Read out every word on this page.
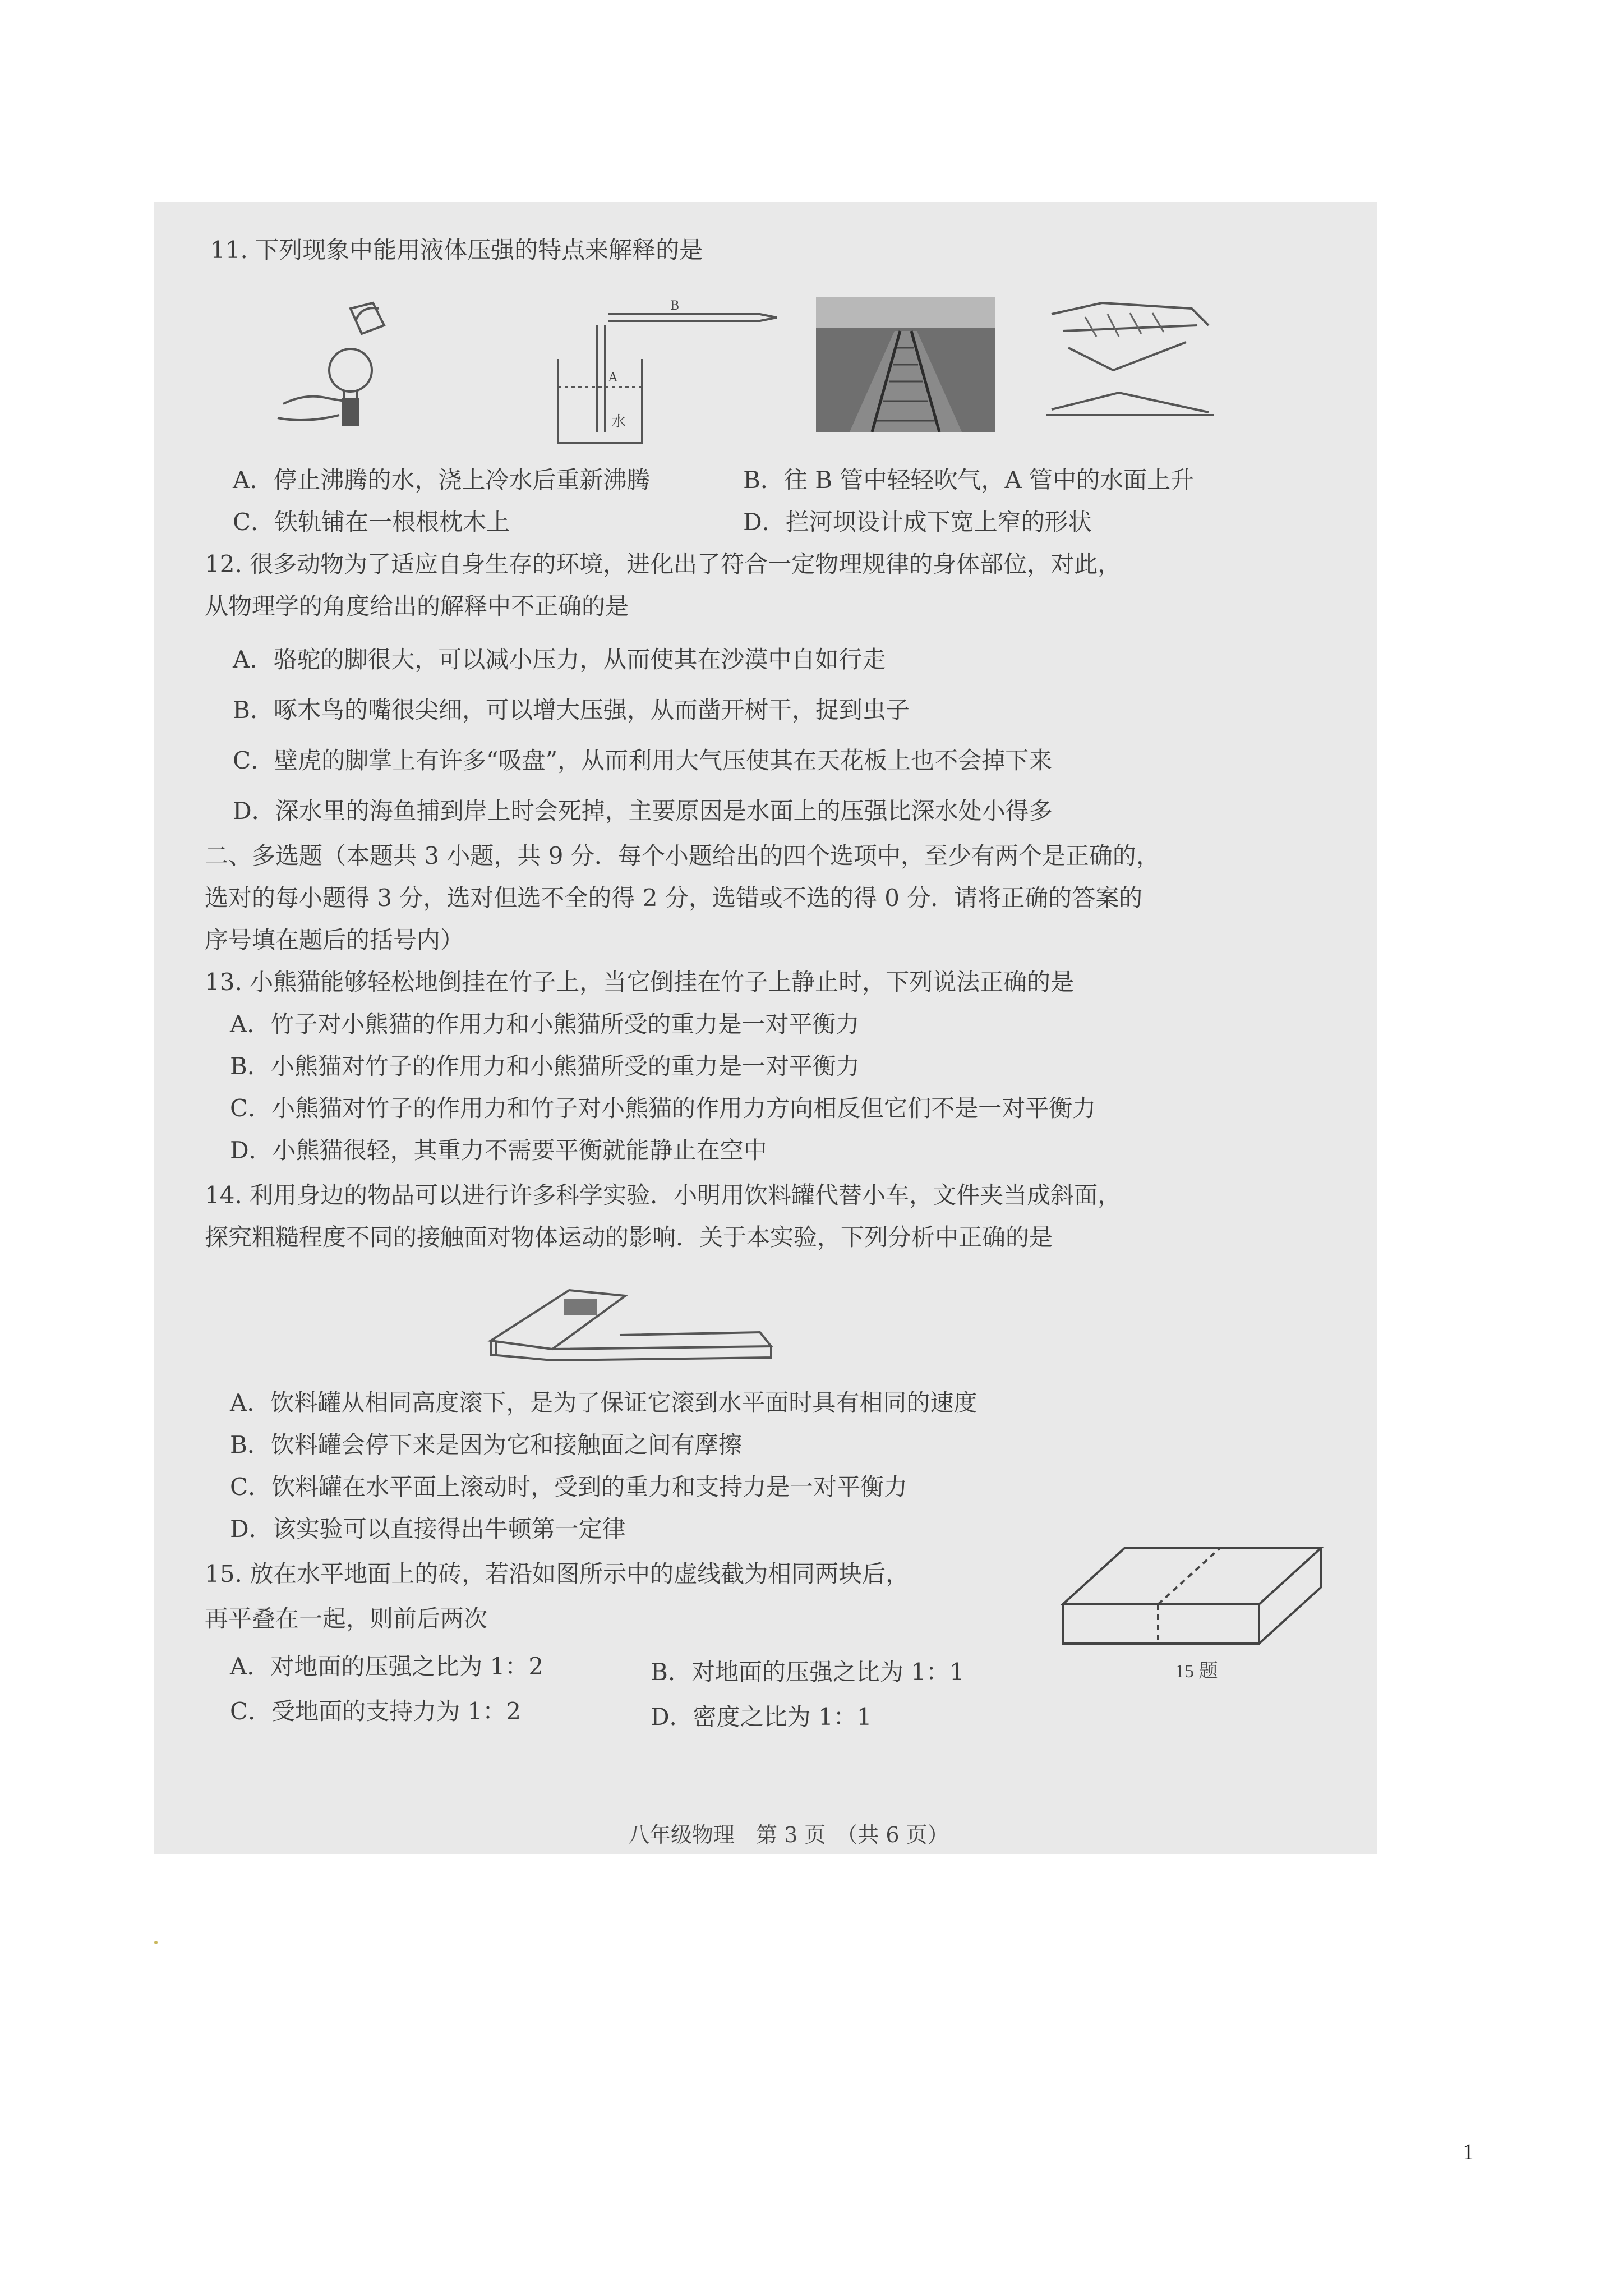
11. 下列现象中能用液体压强的特点来解释的是
B
A
水
A．停止沸腾的水，浇上冷水后重新沸腾	B．往 B 管中轻轻吹气，A 管中的水面上升
C．铁轨铺在一根根枕木上	D．拦河坝设计成下宽上窄的形状
12. 很多动物为了适应自身生存的环境，进化出了符合一定物理规律的身体部位，对此，
从物理学的角度给出的解释中不正确的是
A．骆驼的脚很大，可以减小压力，从而使其在沙漠中自如行走
B．啄木鸟的嘴很尖细，可以增大压强，从而凿开树干，捉到虫子
C．壁虎的脚掌上有许多“吸盘”，从而利用大气压使其在天花板上也不会掉下来
D．深水里的海鱼捕到岸上时会死掉，主要原因是水面上的压强比深水处小得多
二、多选题（本题共 3 小题，共 9 分．每个小题给出的四个选项中，至少有两个是正确的，
选对的每小题得 3 分，选对但选不全的得 2 分，选错或不选的得 0 分．请将正确的答案的
序号填在题后的括号内）
13. 小熊猫能够轻松地倒挂在竹子上，当它倒挂在竹子上静止时，下列说法正确的是
A．竹子对小熊猫的作用力和小熊猫所受的重力是一对平衡力
B．小熊猫对竹子的作用力和小熊猫所受的重力是一对平衡力
C．小熊猫对竹子的作用力和竹子对小熊猫的作用力方向相反但它们不是一对平衡力
D．小熊猫很轻，其重力不需要平衡就能静止在空中
14. 利用身边的物品可以进行许多科学实验．小明用饮料罐代替小车，文件夹当成斜面，
探究粗糙程度不同的接触面对物体运动的影响．关于本实验，下列分析中正确的是
A．饮料罐从相同高度滚下，是为了保证它滚到水平面时具有相同的速度
B．饮料罐会停下来是因为它和接触面之间有摩擦
C．饮料罐在水平面上滚动时，受到的重力和支持力是一对平衡力
D．该实验可以直接得出牛顿第一定律
15. 放在水平地面上的砖，若沿如图所示中的虚线截为相同两块后，
再平叠在一起，则前后两次
A．对地面的压强之比为 1：2	B．对地面的压强之比为 1：1
C．受地面的支持力为 1：2	D．密度之比为 1：1
15 题
八年级物理　第 3 页　（共 6 页）
1
